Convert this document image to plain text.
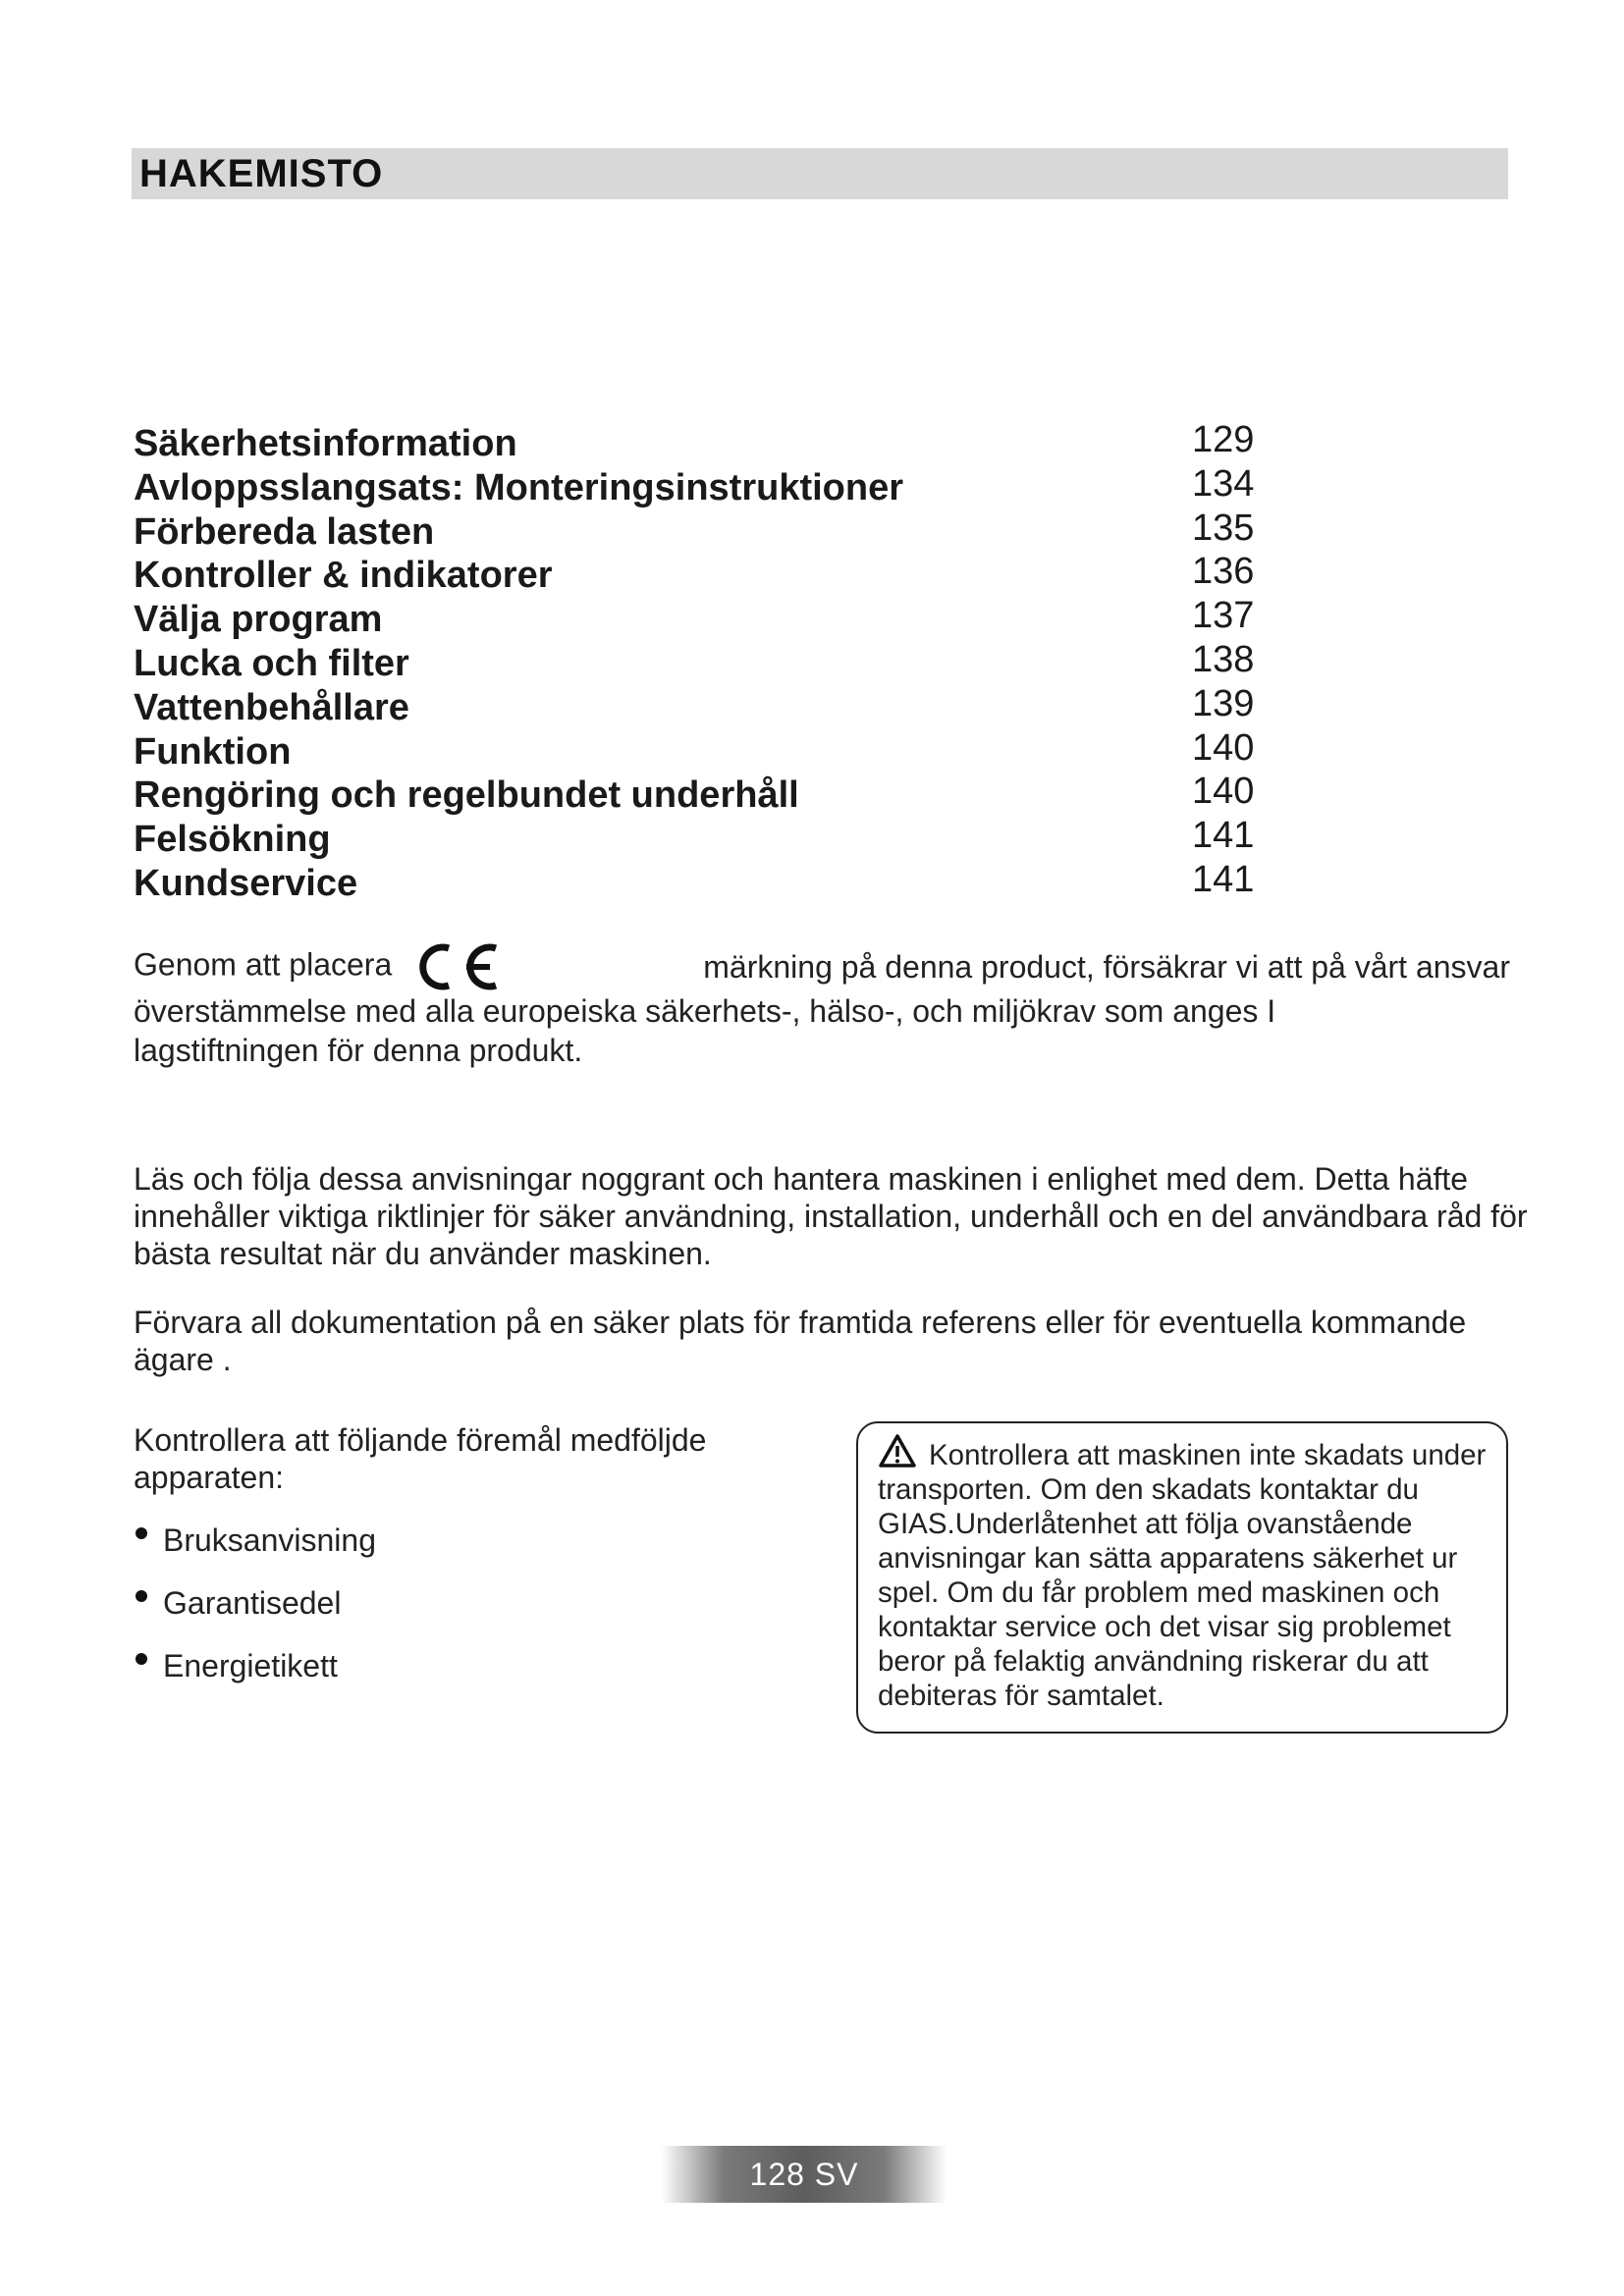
HAKEMISTO
Säkerhetsinformation	129
Avloppsslangsats: Monteringsinstruktioner	134
Förbereda lasten	135
Kontroller & indikatorer	136
Välja program	137
Lucka och filter	138
Vattenbehållare	139
Funktion	140
Rengöring och regelbundet underhåll	140
Felsökning	141
Kundservice	141
Genom att placera	märkning på denna product, försäkrar vi att på vårt ansvar
överstämmelse med alla europeiska säkerhets-, hälso-, och miljökrav som anges I
lagstiftningen för denna produkt.
Läs och följa dessa anvisningar noggrant och hantera maskinen i enlighet med dem. Detta häfte innehåller viktiga riktlinjer för säker användning, installation, underhåll och en del användbara råd för bästa resultat när du använder maskinen.
Förvara all dokumentation på en säker plats för framtida referens eller för eventuella kommande ägare .
Kontrollera att följande föremål medföljde apparaten:
Bruksanvisning
Garantisedel
Energietikett
Kontrollera att maskinen inte skadats under transporten. Om den skadats kontaktar du GIAS.Underlåtenhet att följa ovanstående anvisningar kan sätta apparatens säkerhet ur spel. Om du får problem med maskinen och kontaktar service och det visar sig problemet beror på felaktig användning riskerar du att debiteras för samtalet.
128 SV
